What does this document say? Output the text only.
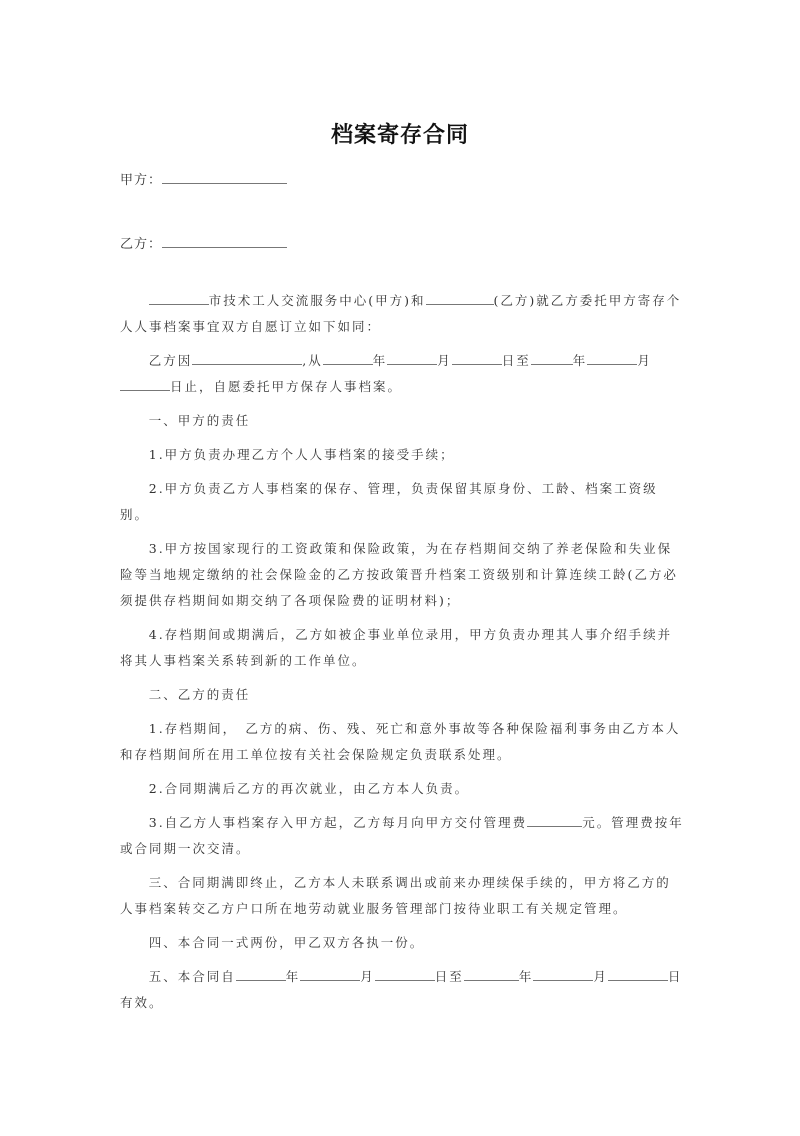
档案寄存合同
甲方：
乙方：

市技术工人交流服务中心(甲方)和	(乙方)就乙方委托甲方寄存个人人事档案事宜双方自愿订立如下如同：

乙方因	,从	年	月	日至	年	月日止，自愿委托甲方保存人事档案。

一、甲方的责任

1.甲方负责办理乙方个人人事档案的接受手续；

2.甲方负责乙方人事档案的保存、管理，负责保留其原身份、工龄、档案工资级别。

3.甲方按国家现行的工资政策和保险政策，为在存档期间交纳了养老保险和失业保险等当地规定缴纳的社会保险金的乙方按政策晋升档案工资级别和计算连续工龄(乙方必须提供存档期间如期交纳了各项保险费的证明材料)；

4.存档期间或期满后，乙方如被企事业单位录用，甲方负责办理其人事介绍手续并将其人事档案关系转到新的工作单位。

二、乙方的责任

1.存档期间，　乙方的病、伤、残、死亡和意外事故等各种保险福利事务由乙方本人和存档期间所在用工单位按有关社会保险规定负责联系处理。

2.合同期满后乙方的再次就业，由乙方本人负责。

3.自乙方人事档案存入甲方起，乙方每月向甲方交付管理费	元。管理费按年或合同期一次交清。

三、合同期满即终止，乙方本人未联系调出或前来办理续保手续的，甲方将乙方的人事档案转交乙方户口所在地劳动就业服务管理部门按待业职工有关规定管理。

四、本合同一式两份，甲乙双方各执一份。

五、本合同自	年	月	日至	年	月	日有效。
